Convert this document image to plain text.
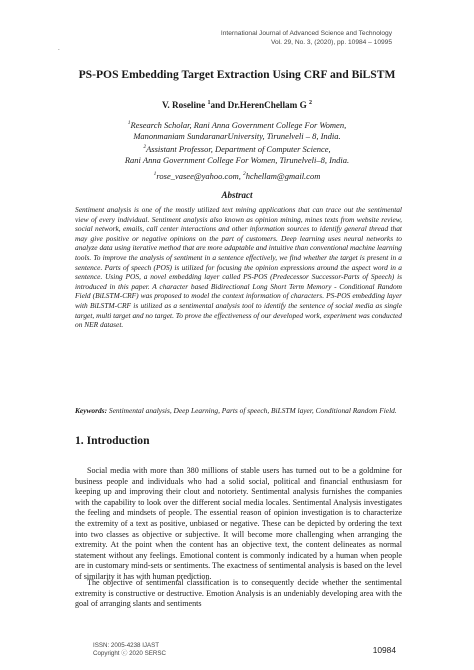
International Journal of Advanced Science and Technology
Vol. 29, No. 3, (2020), pp. 10984 – 10995
.
PS-POS Embedding Target Extraction Using CRF and BiLSTM
V. Roseline $^1$and Dr.HerenChellam G $^2$
$^1$Research Scholar, Rani Anna Government College For Women,
Manonmaniam SundaranarUniversity, Tirunelveli – 8, India.
$^2$Assistant Professor, Department of Computer Science,
Rani Anna Government College For Women, Tirunelveli–8, India.
$^1$rose_vasee@yahoo.com, $^2$hchellam@gmail.com
Abstract
Sentiment analysis is one of the mostly utilized text mining applications that can trace out the sentimental view of every individual. Sentiment analysis also known as opinion mining, mines texts from website review, social network, emails, call center interactions and other information sources to identify general thread that may give positive or negative opinions on the part of customers. Deep learning uses neural networks to analyze data using iterative method that are more adaptable and intuitive than conventional machine learning tools. To improve the analysis of sentiment in a sentence effectively, we find whether the target is present in a sentence. Parts of speech (POS) is utilized for focusing the opinion expressions around the aspect word in a sentence. Using POS, a novel embedding layer called PS-POS (Predecessor Successor-Parts of Speech) is introduced in this paper. A character based Bidirectional Long Short Term Memory - Conditional Random Field (BiLSTM-CRF) was proposed to model the context information of characters. PS-POS embedding layer with BiLSTM-CRF is utilized as a sentimental analysis tool to identify the sentence of social media as single target, multi target and no target. To prove the effectiveness of our developed work, experiment was conducted on NER dataset.
Keywords: Sentimental analysis, Deep Learning, Parts of speech, BiLSTM layer, Conditional Random Field.
1. Introduction
Social media with more than 380 millions of stable users has turned out to be a goldmine for business people and individuals who had a solid social, political and financial enthusiasm for keeping up and improving their clout and notoriety. Sentimental analysis furnishes the companies with the capability to look over the different social media locales. Sentimental Analysis investigates the feeling and mindsets of people. The essential reason of opinion investigation is to characterize the extremity of a text as positive, unbiased or negative. These can be depicted by ordering the text into two classes as objective or subjective. It will become more challenging when arranging the extremity. At the point when the content has an objective text, the content delineates as normal statement without any feelings. Emotional content is commonly indicated by a human when people are in customary mind-sets or sentiments. The exactness of sentimental analysis is based on the level of similarity it has with human prediction.
The objective of sentimental classification is to consequently decide whether the sentimental extremity is constructive or destructive. Emotion Analysis is an undeniably developing area with the goal of arranging slants and sentiments
ISSN: 2005-4238 IJAST
Copyright ⓒ 2020 SERSC	10984
